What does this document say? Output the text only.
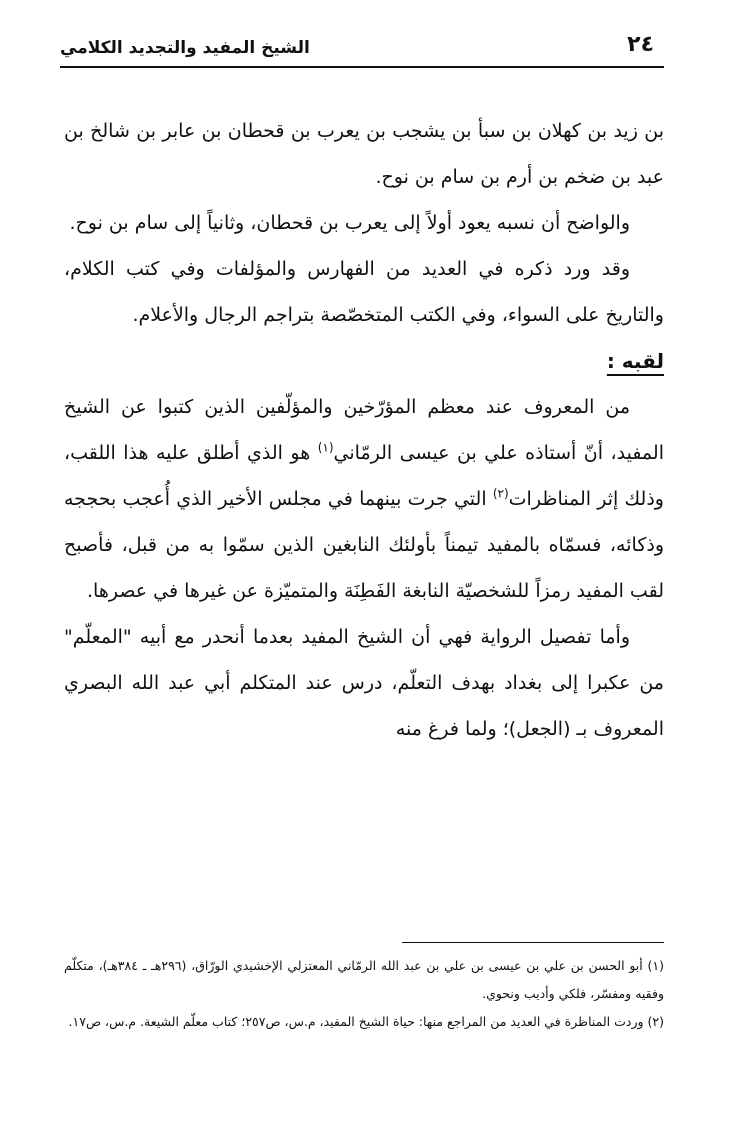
٢٤
الشيخ المفيد والتجديد الكلامي

بن زيد بن كهلان بن سبأ بن يشجب بن يعرب بن قحطان بن عابر بن شالخ بن عبد بن ضخم بن أرم بن سام بن نوح.

والواضح أن نسبه يعود أولاً إلى يعرب بن قحطان، وثانياً إلى سام بن نوح.

وقد ورد ذكره في العديد من الفهارس والمؤلفات وفي كتب الكلام، والتاريخ على السواء، وفي الكتب المتخصّصة بتراجم الرجال والأعلام.

لقبه :

من المعروف عند معظم المؤرّخين والمؤلّفين الذين كتبوا عن الشيخ المفيد، أنّ أستاذه علي بن عيسى الرمّاني$^{(١)}$ هو الذي أطلق عليه هذا اللقب، وذلك إثر المناظرات$^{(٢)}$ التي جرت بينهما في مجلس الأخير الذي أُعجب بحججه وذكائه، فسمّاه بالمفيد تيمناً بأولئك النابغين الذين سمّوا به من قبل، فأصبح لقب المفيد رمزاً للشخصيّة النابغة الفَطِنَة والمتميّزة عن غيرها في عصرها.

وأما تفصيل الرواية فهي أن الشيخ المفيد بعدما أنحدر مع أبيه "المعلّم" من عكبرا إلى بغداد بهدف التعلّم، درس عند المتكلم أبي عبد الله البصري المعروف بـ (الجعل)؛ ولما فرغ منه

(١) أبو الحسن بن علي بن عيسى بن علي بن عبد الله الرمّاني المعتزلي الإخشيدي الورّاق، (٢٩٦هـ ـ ٣٨٤هـ)، متكلّم وفقيه ومفسّر، فلكي وأديب ونحوي.

(٢) وردت المناظرة في العديد من المراجع منها: حياة الشيخ المفيد، م.س، ص٢٥٧؛ كتاب معلّم الشيعة. م.س، ص١٧.
